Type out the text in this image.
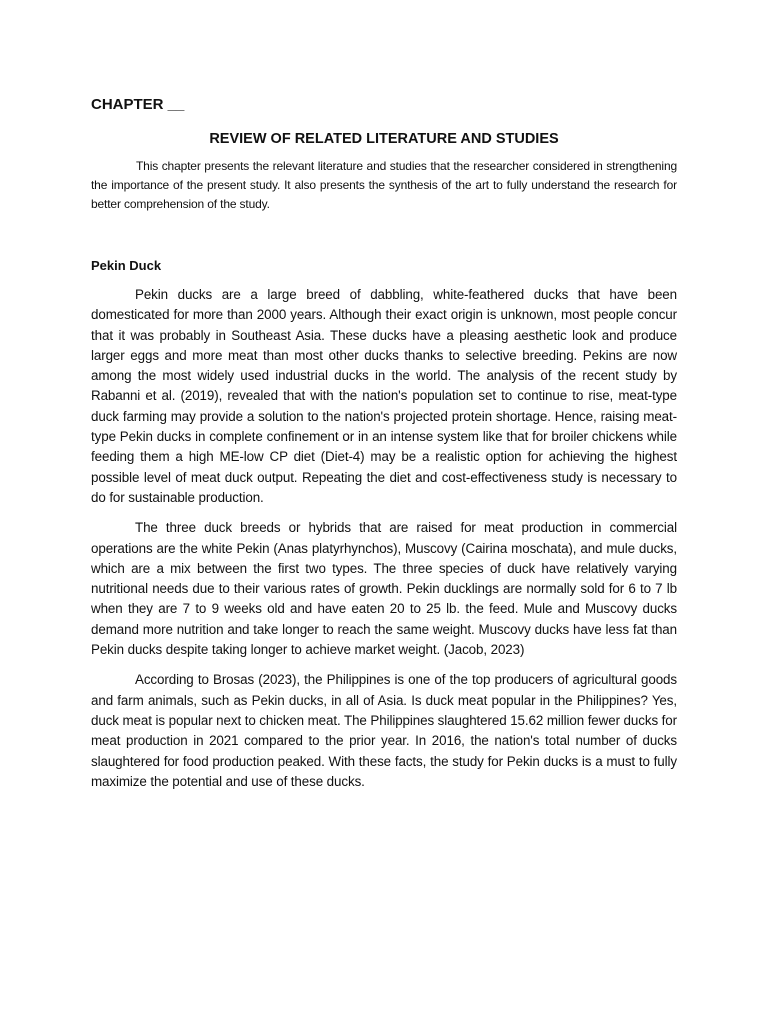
CHAPTER __
REVIEW OF RELATED LITERATURE AND STUDIES

This chapter presents the relevant literature and studies that the researcher considered in strengthening the importance of the present study. It also presents the synthesis of the art to fully understand the research for better comprehension of the study.

Pekin Duck

Pekin ducks are a large breed of dabbling, white-feathered ducks that have been domesticated for more than 2000 years. Although their exact origin is unknown, most people concur that it was probably in Southeast Asia. These ducks have a pleasing aesthetic look and produce larger eggs and more meat than most other ducks thanks to selective breeding. Pekins are now among the most widely used industrial ducks in the world. The analysis of the recent study by Rabanni et al. (2019), revealed that with the nation's population set to continue to rise, meat-type duck farming may provide a solution to the nation's projected protein shortage. Hence, raising meat-type Pekin ducks in complete confinement or in an intense system like that for broiler chickens while feeding them a high ME-low CP diet (Diet-4) may be a realistic option for achieving the highest possible level of meat duck output. Repeating the diet and cost-effectiveness study is necessary to do for sustainable production.

The three duck breeds or hybrids that are raised for meat production in commercial operations are the white Pekin (Anas platyrhynchos), Muscovy (Cairina moschata), and mule ducks, which are a mix between the first two types. The three species of duck have relatively varying nutritional needs due to their various rates of growth. Pekin ducklings are normally sold for 6 to 7 lb when they are 7 to 9 weeks old and have eaten 20 to 25 lb. the feed. Mule and Muscovy ducks demand more nutrition and take longer to reach the same weight. Muscovy ducks have less fat than Pekin ducks despite taking longer to achieve market weight. (Jacob, 2023)

According to Brosas (2023), the Philippines is one of the top producers of agricultural goods and farm animals, such as Pekin ducks, in all of Asia. Is duck meat popular in the Philippines? Yes, duck meat is popular next to chicken meat. The Philippines slaughtered 15.62 million fewer ducks for meat production in 2021 compared to the prior year. In 2016, the nation's total number of ducks slaughtered for food production peaked. With these facts, the study for Pekin ducks is a must to fully maximize the potential and use of these ducks.
